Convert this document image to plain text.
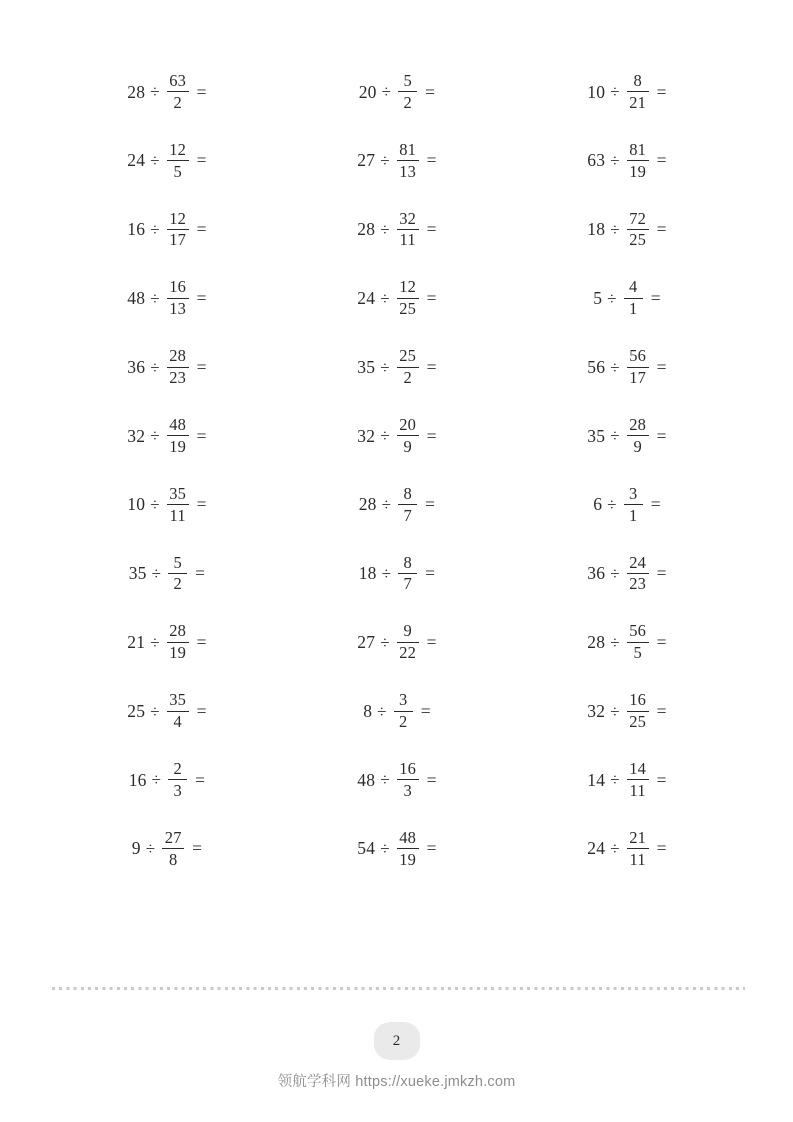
$28 \div \frac{63}{2}$ =	$20 \div \frac{5}{2}$ =	$10 \div \frac{8}{21}$ =
$24 \div \frac{12}{5}$ =	$27 \div \frac{81}{13}$ =	$63 \div \frac{81}{19}$ =
$16 \div \frac{12}{17}$ =	$28 \div \frac{32}{11}$ =	$18 \div \frac{72}{25}$ =
$48 \div \frac{16}{13}$ =	$24 \div \frac{12}{25}$ =	$5 \div \frac{4}{1}$ =
$36 \div \frac{28}{23}$ =	$35 \div \frac{25}{2}$ =	$56 \div \frac{56}{17}$ =
$32 \div \frac{48}{19}$ =	$32 \div \frac{20}{9}$ =	$35 \div \frac{28}{9}$ =
$10 \div \frac{35}{11}$ =	$28 \div \frac{8}{7}$ =	$6 \div \frac{3}{1}$ =
$35 \div \frac{5}{2}$ =	$18 \div \frac{8}{7}$ =	$36 \div \frac{24}{23}$ =
$21 \div \frac{28}{19}$ =	$27 \div \frac{9}{22}$ =	$28 \div \frac{56}{5}$ =
$25 \div \frac{35}{4}$ =	$8 \div \frac{3}{2}$ =	$32 \div \frac{16}{25}$ =
$16 \div \frac{2}{3}$ =	$48 \div \frac{16}{3}$ =	$14 \div \frac{14}{11}$ =
$9 \div \frac{27}{8}$ =	$54 \div \frac{48}{19}$ =	$24 \div \frac{21}{11}$ =
2
领航学科网 https://xueke.jmkzh.com
